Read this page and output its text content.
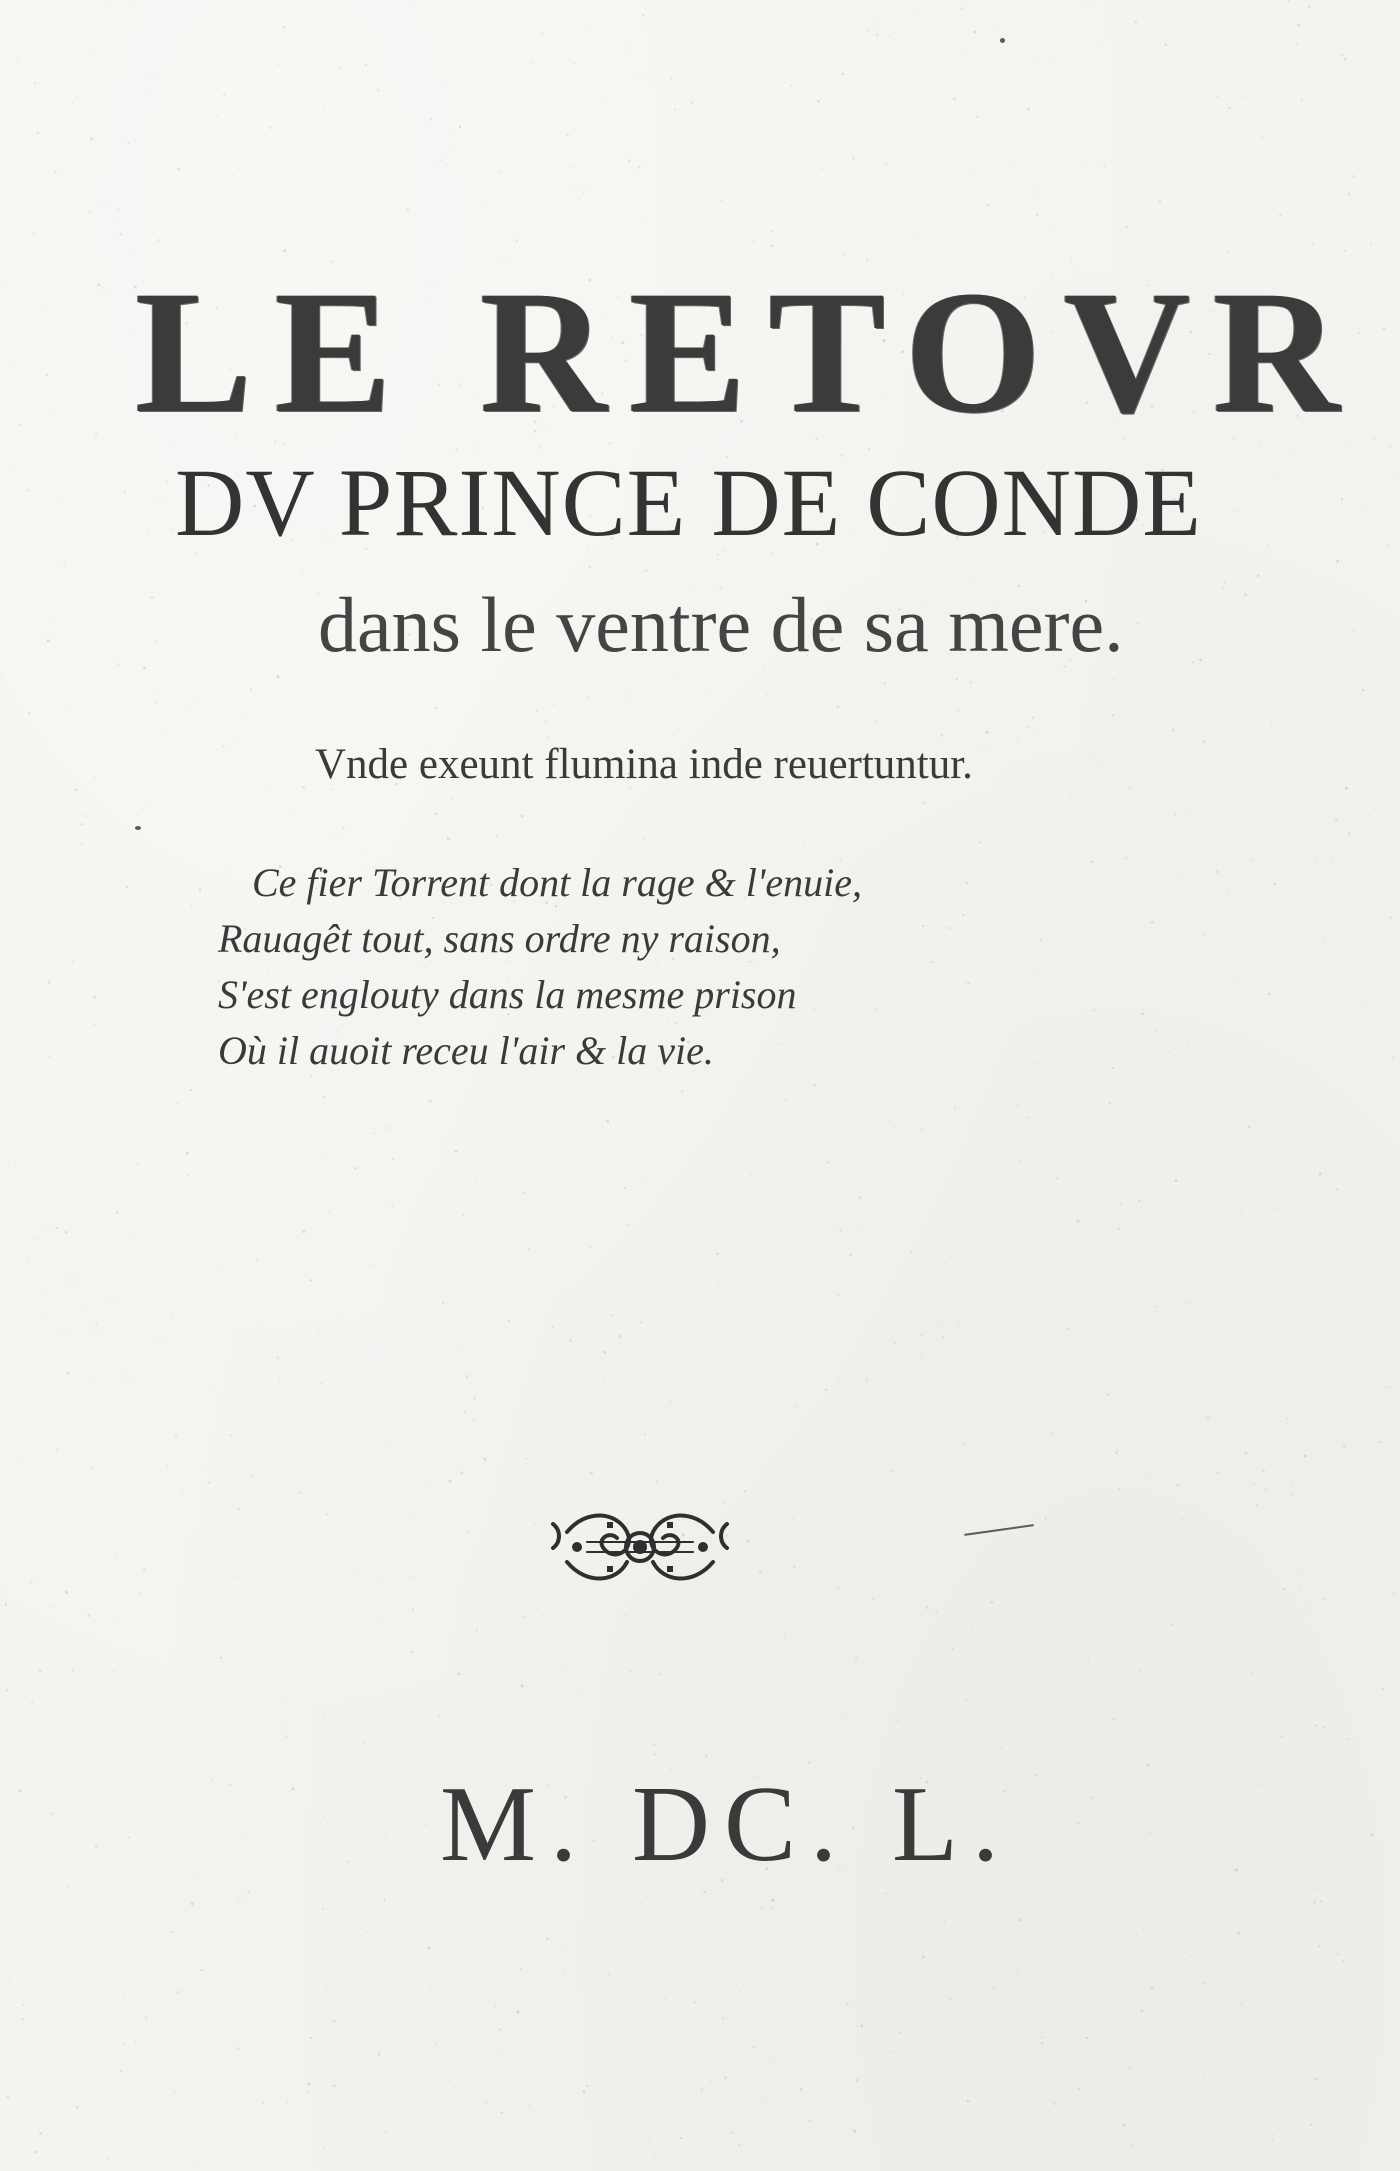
LE RETOVR
DV PRINCE DE CONDE

dans le ventre de sa mere.

Vnde exeunt flumina inde reuertuntur.

Ce fier Torrent dont la rage & l'enuie,
Rauagêt tout, sans ordre ny raison,
S'est englouty dans la mesme prison
Où il auoit receu l'air & la vie.

M. DC. L.
